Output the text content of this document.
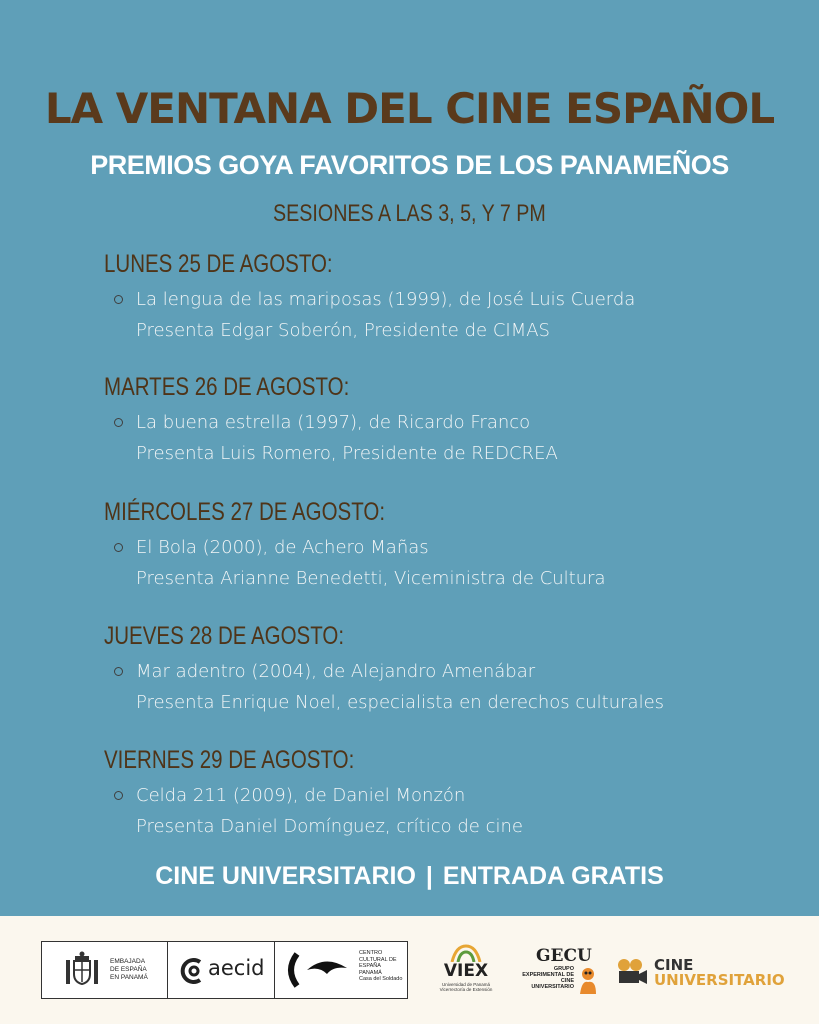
LA VENTANA DEL CINE ESPAÑOL
PREMIOS GOYA FAVORITOS DE LOS PANAMEÑOS
SESIONES A LAS 3, 5, Y 7 PM
LUNES 25 DE AGOSTO:
La lengua de las mariposas (1999), de José Luis Cuerda
Presenta Edgar Soberón, Presidente de CIMAS
MARTES 26 DE AGOSTO:
La buena estrella (1997), de Ricardo Franco
Presenta Luis Romero, Presidente de REDCREA
MIÉRCOLES 27 DE AGOSTO:
El Bola (2000), de Achero Mañas
Presenta Arianne Benedetti, Viceministra de Cultura
JUEVES 28 DE AGOSTO:
Mar adentro (2004), de Alejandro Amenábar
Presenta Enrique Noel, especialista en derechos culturales
VIERNES 29 DE AGOSTO:
Celda 211 (2009), de Daniel Monzón
Presenta Daniel Domínguez, crítico de cine
CINE UNIVERSITARIO | ENTRADA GRATIS
EMBAJADA
DE ESPAÑA
EN PANAMÁ	aecid
CENTRO
CULTURAL DE
ESPAÑA
PANAMÁ
Casa del Soldado	VIEX
Universidad de Panamá
Vicerrectoría de Extensión
GECU
GRUPO
EXPERIMENTAL DE CINE
UNIVERSITARIO
CINE
UNIVERSITARIO
